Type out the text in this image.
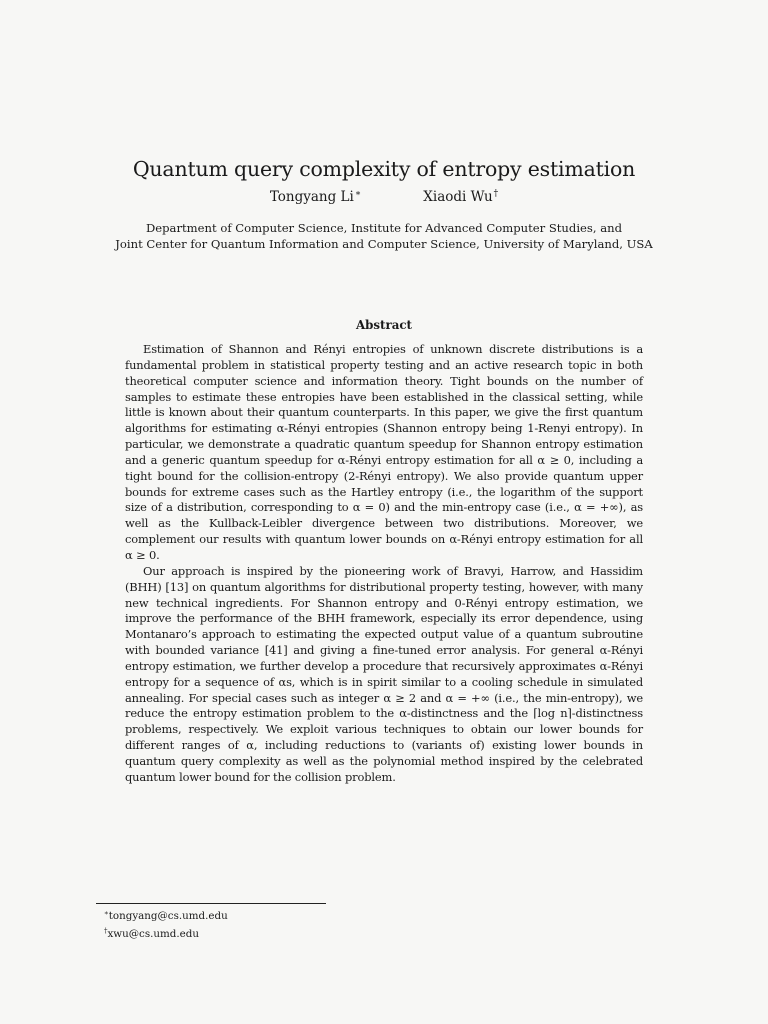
Quantum query complexity of entropy estimation
Tongyang Li∗	Xiaodi Wu†
Department of Computer Science, Institute for Advanced Computer Studies, and
Joint Center for Quantum Information and Computer Science, University of Maryland, USA
Abstract

Estimation of Shannon and Rényi entropies of unknown discrete distributions is a fundamental problem in statistical property testing and an active research topic in both theoretical computer science and information theory. Tight bounds on the number of samples to estimate these entropies have been established in the classical setting, while little is known about their quantum counterparts. In this paper, we give the first quantum algorithms for estimating α-Rényi entropies (Shannon entropy being 1-Renyi entropy). In particular, we demonstrate a quadratic quantum speedup for Shannon entropy estimation and a generic quantum speedup for α-Rényi entropy estimation for all α ≥ 0, including a tight bound for the collision-entropy (2-Rényi entropy). We also provide quantum upper bounds for extreme cases such as the Hartley entropy (i.e., the logarithm of the support size of a distribution, corresponding to α = 0) and the min-entropy case (i.e., α = +∞), as well as the Kullback-Leibler divergence between two distributions. Moreover, we complement our results with quantum lower bounds on α-Rényi entropy estimation for all α ≥ 0.

Our approach is inspired by the pioneering work of Bravyi, Harrow, and Hassidim (BHH) [13] on quantum algorithms for distributional property testing, however, with many new technical ingredients. For Shannon entropy and 0-Rényi entropy estimation, we improve the performance of the BHH framework, especially its error dependence, using Montanaro’s approach to estimating the expected output value of a quantum subroutine with bounded variance [41] and giving a fine-tuned error analysis. For general α-Rényi entropy estimation, we further develop a procedure that recursively approximates α-Rényi entropy for a sequence of αs, which is in spirit similar to a cooling schedule in simulated annealing. For special cases such as integer α ≥ 2 and α = +∞ (i.e., the min-entropy), we reduce the entropy estimation problem to the α-distinctness and the ⌈log n⌉-distinctness problems, respectively. We exploit various techniques to obtain our lower bounds for different ranges of α, including reductions to (variants of) existing lower bounds in quantum query complexity as well as the polynomial method inspired by the celebrated quantum lower bound for the collision problem.

∗tongyang@cs.umd.edu
†xwu@cs.umd.edu
